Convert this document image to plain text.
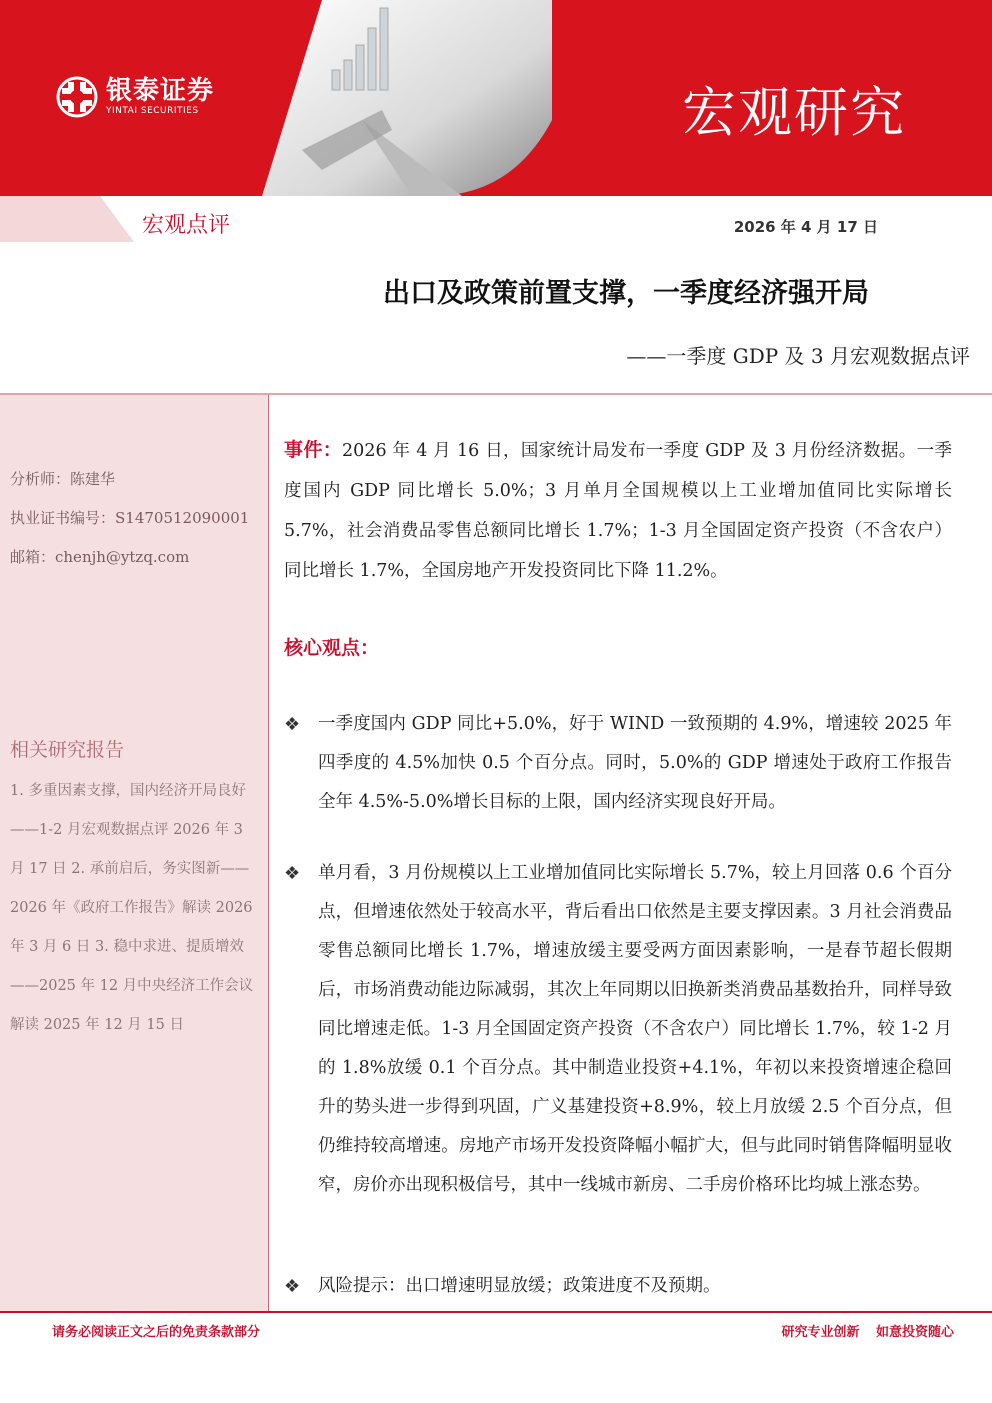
银泰证券
YINTAI SECURITIES	宏观研究
宏观点评	2026 年 4 月 17 日
出口及政策前置支撑，一季度经济强开局
——一季度 GDP 及 3 月宏观数据点评
分析师：陈建华
执业证书编号：S1470512090001
邮箱：chenjh@ytzq.com
相关研究报告
1. 多重因素支撑，国内经济开局良好——1-2 月宏观数据点评 2026 年 3 月 17 日 2. 承前启后，务实图新——2026 年《政府工作报告》解读 2026 年 3 月 6 日 3. 稳中求进、提质增效——2025 年 12 月中央经济工作会议解读 2025 年 12 月 15 日

事件：2026 年 4 月 16 日，国家统计局发布一季度 GDP 及 3 月份经济数据。一季度国内 GDP 同比增长 5.0%；3 月单月全国规模以上工业增加值同比实际增长 5.7%，社会消费品零售总额同比增长 1.7%；1-3 月全国固定资产投资（不含农户）同比增长 1.7%，全国房地产开发投资同比下降 11.2%。

核心观点：
❖	一季度国内 GDP 同比+5.0%，好于 WIND 一致预期的 4.9%，增速较 2025 年四季度的 4.5%加快 0.5 个百分点。同时，5.0%的 GDP 增速处于政府工作报告全年 4.5%-5.0%增长目标的上限，国内经济实现良好开局。
❖	单月看，3 月份规模以上工业增加值同比实际增长 5.7%，较上月回落 0.6 个百分点，但增速依然处于较高水平，背后看出口依然是主要支撑因素。3 月社会消费品零售总额同比增长 1.7%，增速放缓主要受两方面因素影响，一是春节超长假期后，市场消费动能边际减弱，其次上年同期以旧换新类消费品基数抬升，同样导致同比增速走低。1-3 月全国固定资产投资（不含农户）同比增长 1.7%，较 1-2 月的 1.8%放缓 0.1 个百分点。其中制造业投资+4.1%，年初以来投资增速企稳回升的势头进一步得到巩固，广义基建投资+8.9%，较上月放缓 2.5 个百分点，但仍维持较高增速。房地产市场开发投资降幅小幅扩大，但与此同时销售降幅明显收窄，房价亦出现积极信号，其中一线城市新房、二手房价格环比均城上涨态势。
❖	风险提示：出口增速明显放缓；政策进度不及预期。
请务必阅读正文之后的免责条款部分	研究专业创新 如意投资随心
